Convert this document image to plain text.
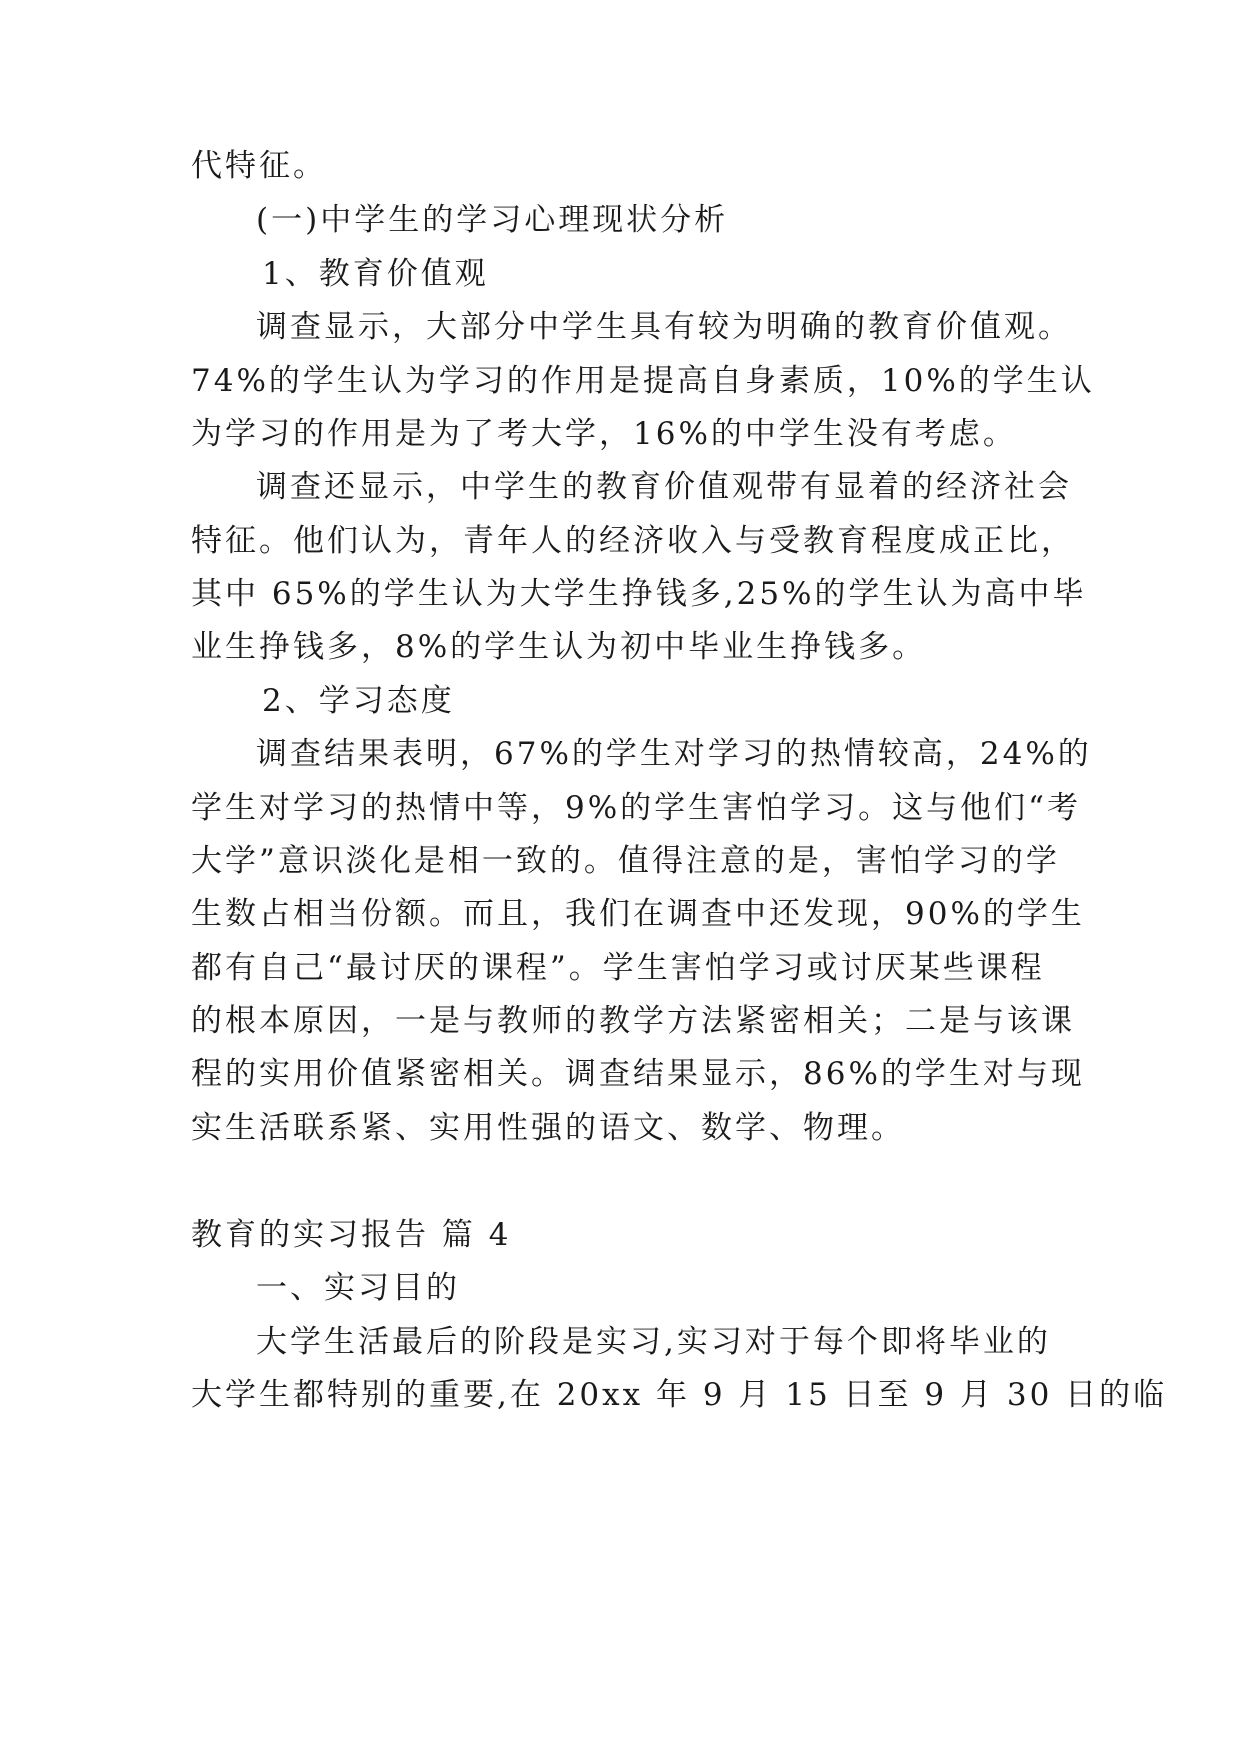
代特征。
(一)中学生的学习心理现状分析
1、教育价值观
调查显示，大部分中学生具有较为明确的教育价值观。
74%的学生认为学习的作用是提高自身素质，10%的学生认
为学习的作用是为了考大学，16%的中学生没有考虑。
调查还显示，中学生的教育价值观带有显着的经济社会
特征。他们认为，青年人的经济收入与受教育程度成正比，
其中 65%的学生认为大学生挣钱多,25%的学生认为高中毕
业生挣钱多，8%的学生认为初中毕业生挣钱多。
2、学习态度
调查结果表明，67%的学生对学习的热情较高，24%的
学生对学习的热情中等，9%的学生害怕学习。这与他们“考
大学”意识淡化是相一致的。值得注意的是，害怕学习的学
生数占相当份额。而且，我们在调查中还发现，90%的学生
都有自己“最讨厌的课程”。学生害怕学习或讨厌某些课程
的根本原因，一是与教师的教学方法紧密相关；二是与该课
程的实用价值紧密相关。调查结果显示，86%的学生对与现
实生活联系紧、实用性强的语文、数学、物理。
教育的实习报告 篇 4
一、实习目的
大学生活最后的阶段是实习,实习对于每个即将毕业的
大学生都特别的重要,在 20xx 年 9 月 15 日至 9 月 30 日的临
